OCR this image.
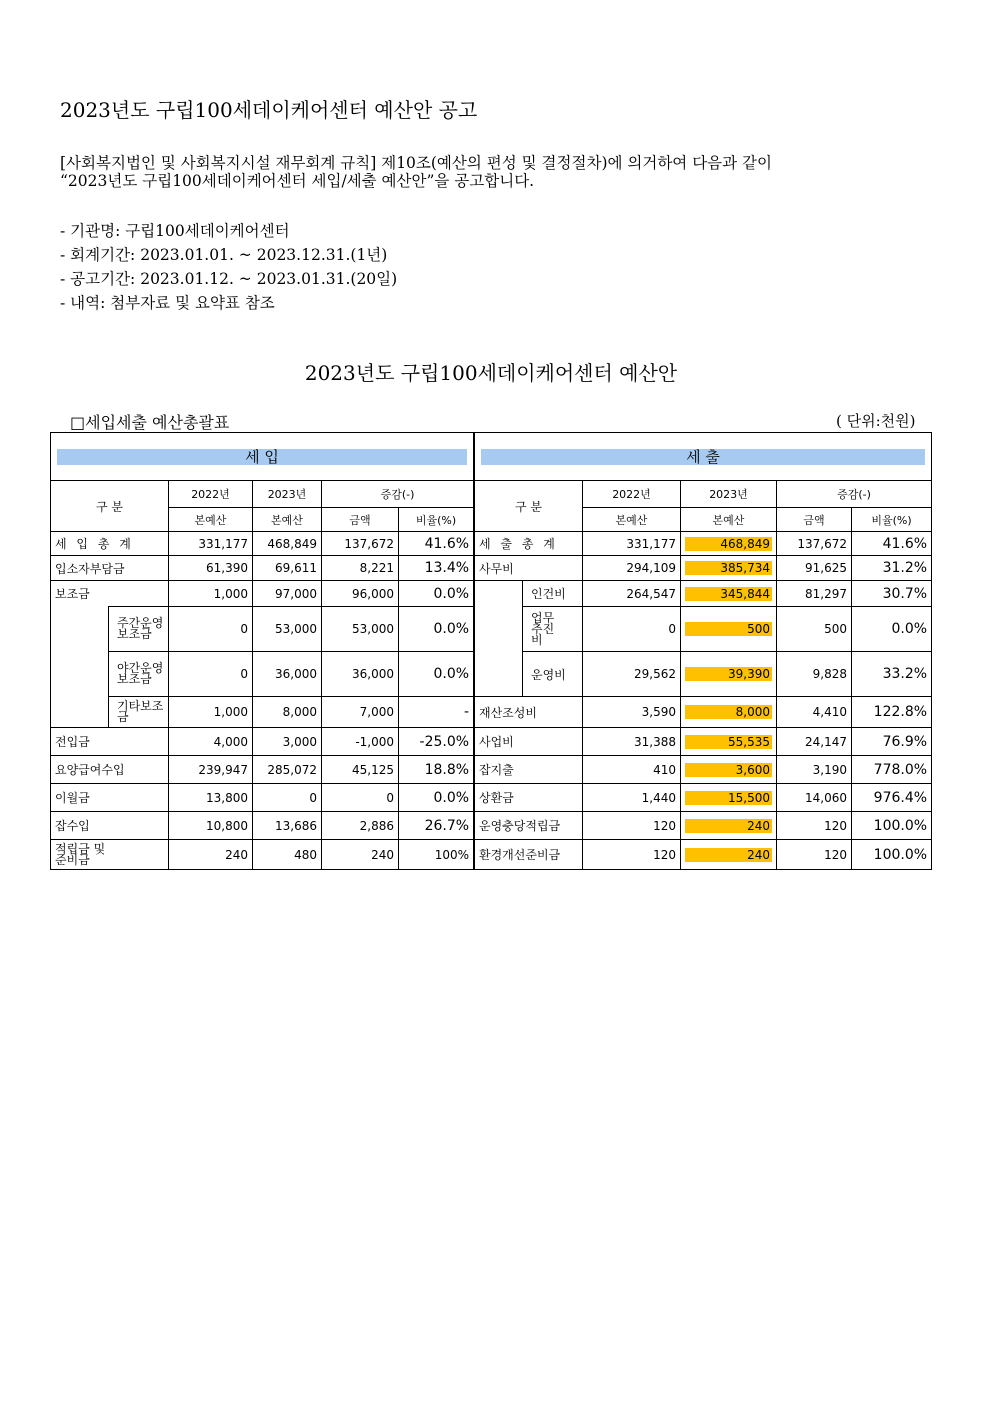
2023년도 구립100세데이케어센터 예산안 공고
[사회복지법인 및 사회복지시설 재무회계 규칙] 제10조(예산의 편성 및 결정절차)에 의거하여 다음과 같이
“2023년도 구립100세데이케어센터 세입/세출 예산안”을 공고합니다.
- 기관명: 구립100세데이케어센터
- 회계기간: 2023.01.01. ~ 2023.12.31.(1년)
- 공고기간: 2023.01.12. ~ 2023.01.31.(20일)
- 내역: 첨부자료 및 요약표 참조
2023년도 구립100세데이케어센터 예산안
□세입세출 예산총괄표	( 단위:천원)
세 입					

구 분		2022년	2023년	증감(-)	
		본예산	본예산	금액	비율(%)
세 입 총 계		331,177	468,849	137,672	41.6%
입소자부담금		61,390	69,611	8,221	13.4%
보조금		1,000	97,000	96,000	0.0%
	주간운영보조금	0	53,000	53,000	0.0%
	야간운영보조금	0	36,000	36,000	0.0%
	기타보조금	1,000	8,000	7,000	-
전입금		4,000	3,000	-1,000	-25.0%
요양급여수입		239,947	285,072	45,125	18.8%
이월금		13,800	0	0	0.0%
잡수입		10,800	13,686	2,886	26.7%

적립금 및 준비금		240	480	240	100%
세 출					

구 분		2022년	2023년	증감(-)	
		본예산	본예산	금액	비율(%)
세 출 총 계		331,177	468,849	137,672	41.6%
사무비		294,109	385,734	91,625	31.2%
	인건비	264,547	345,844	81,297	30.7%

	업무추진비	0	500	500	0.0%
	운영비	29,562	39,390	9,828	33.2%
재산조성비		3,590	8,000	4,410	122.8%
사업비		31,388	55,535	24,147	76.9%
잡지출		410	3,600	3,190	778.0%
상환금		1,440	15,500	14,060	976.4%
운영충당적립금		120	240	120	100.0%
환경개선준비금		120	240	120	100.0%
